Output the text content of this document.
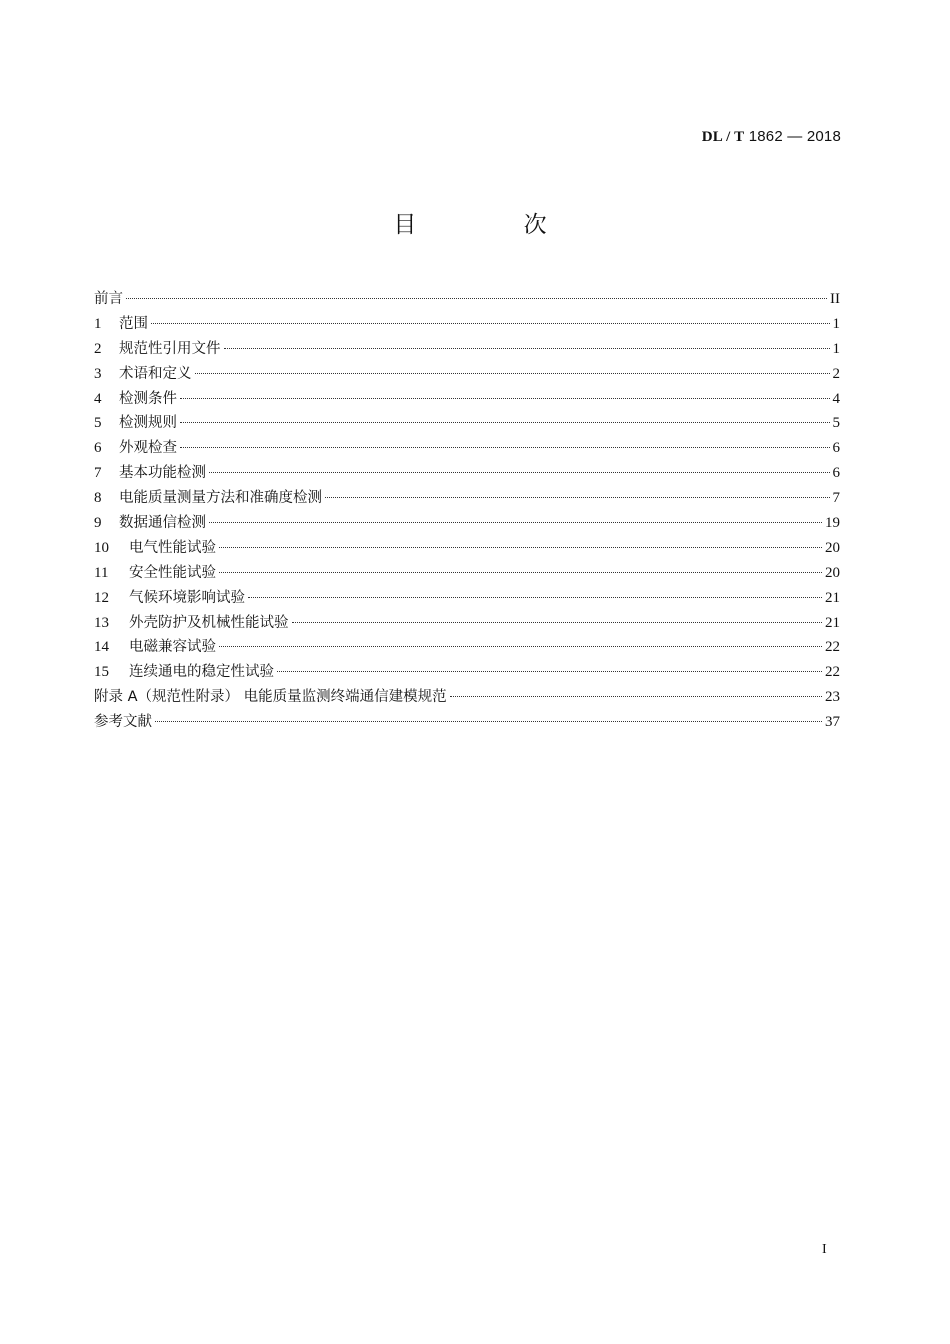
DL / T 1862 — 2018
目 次
前言	II
1	范围	1
2	规范性引用文件	1
3	术语和定义	2
4	检测条件	4
5	检测规则	5
6	外观检查	6
7	基本功能检测	6
8	电能质量测量方法和准确度检测	7
9	数据通信检测	19
10	电气性能试验	20
11	安全性能试验	20
12	气候环境影响试验	21
13	外壳防护及机械性能试验	21
14	电磁兼容试验	22
15	连续通电的稳定性试验	22
附录 A（规范性附录） 电能质量监测终端通信建模规范	23
参考文献	37
I
